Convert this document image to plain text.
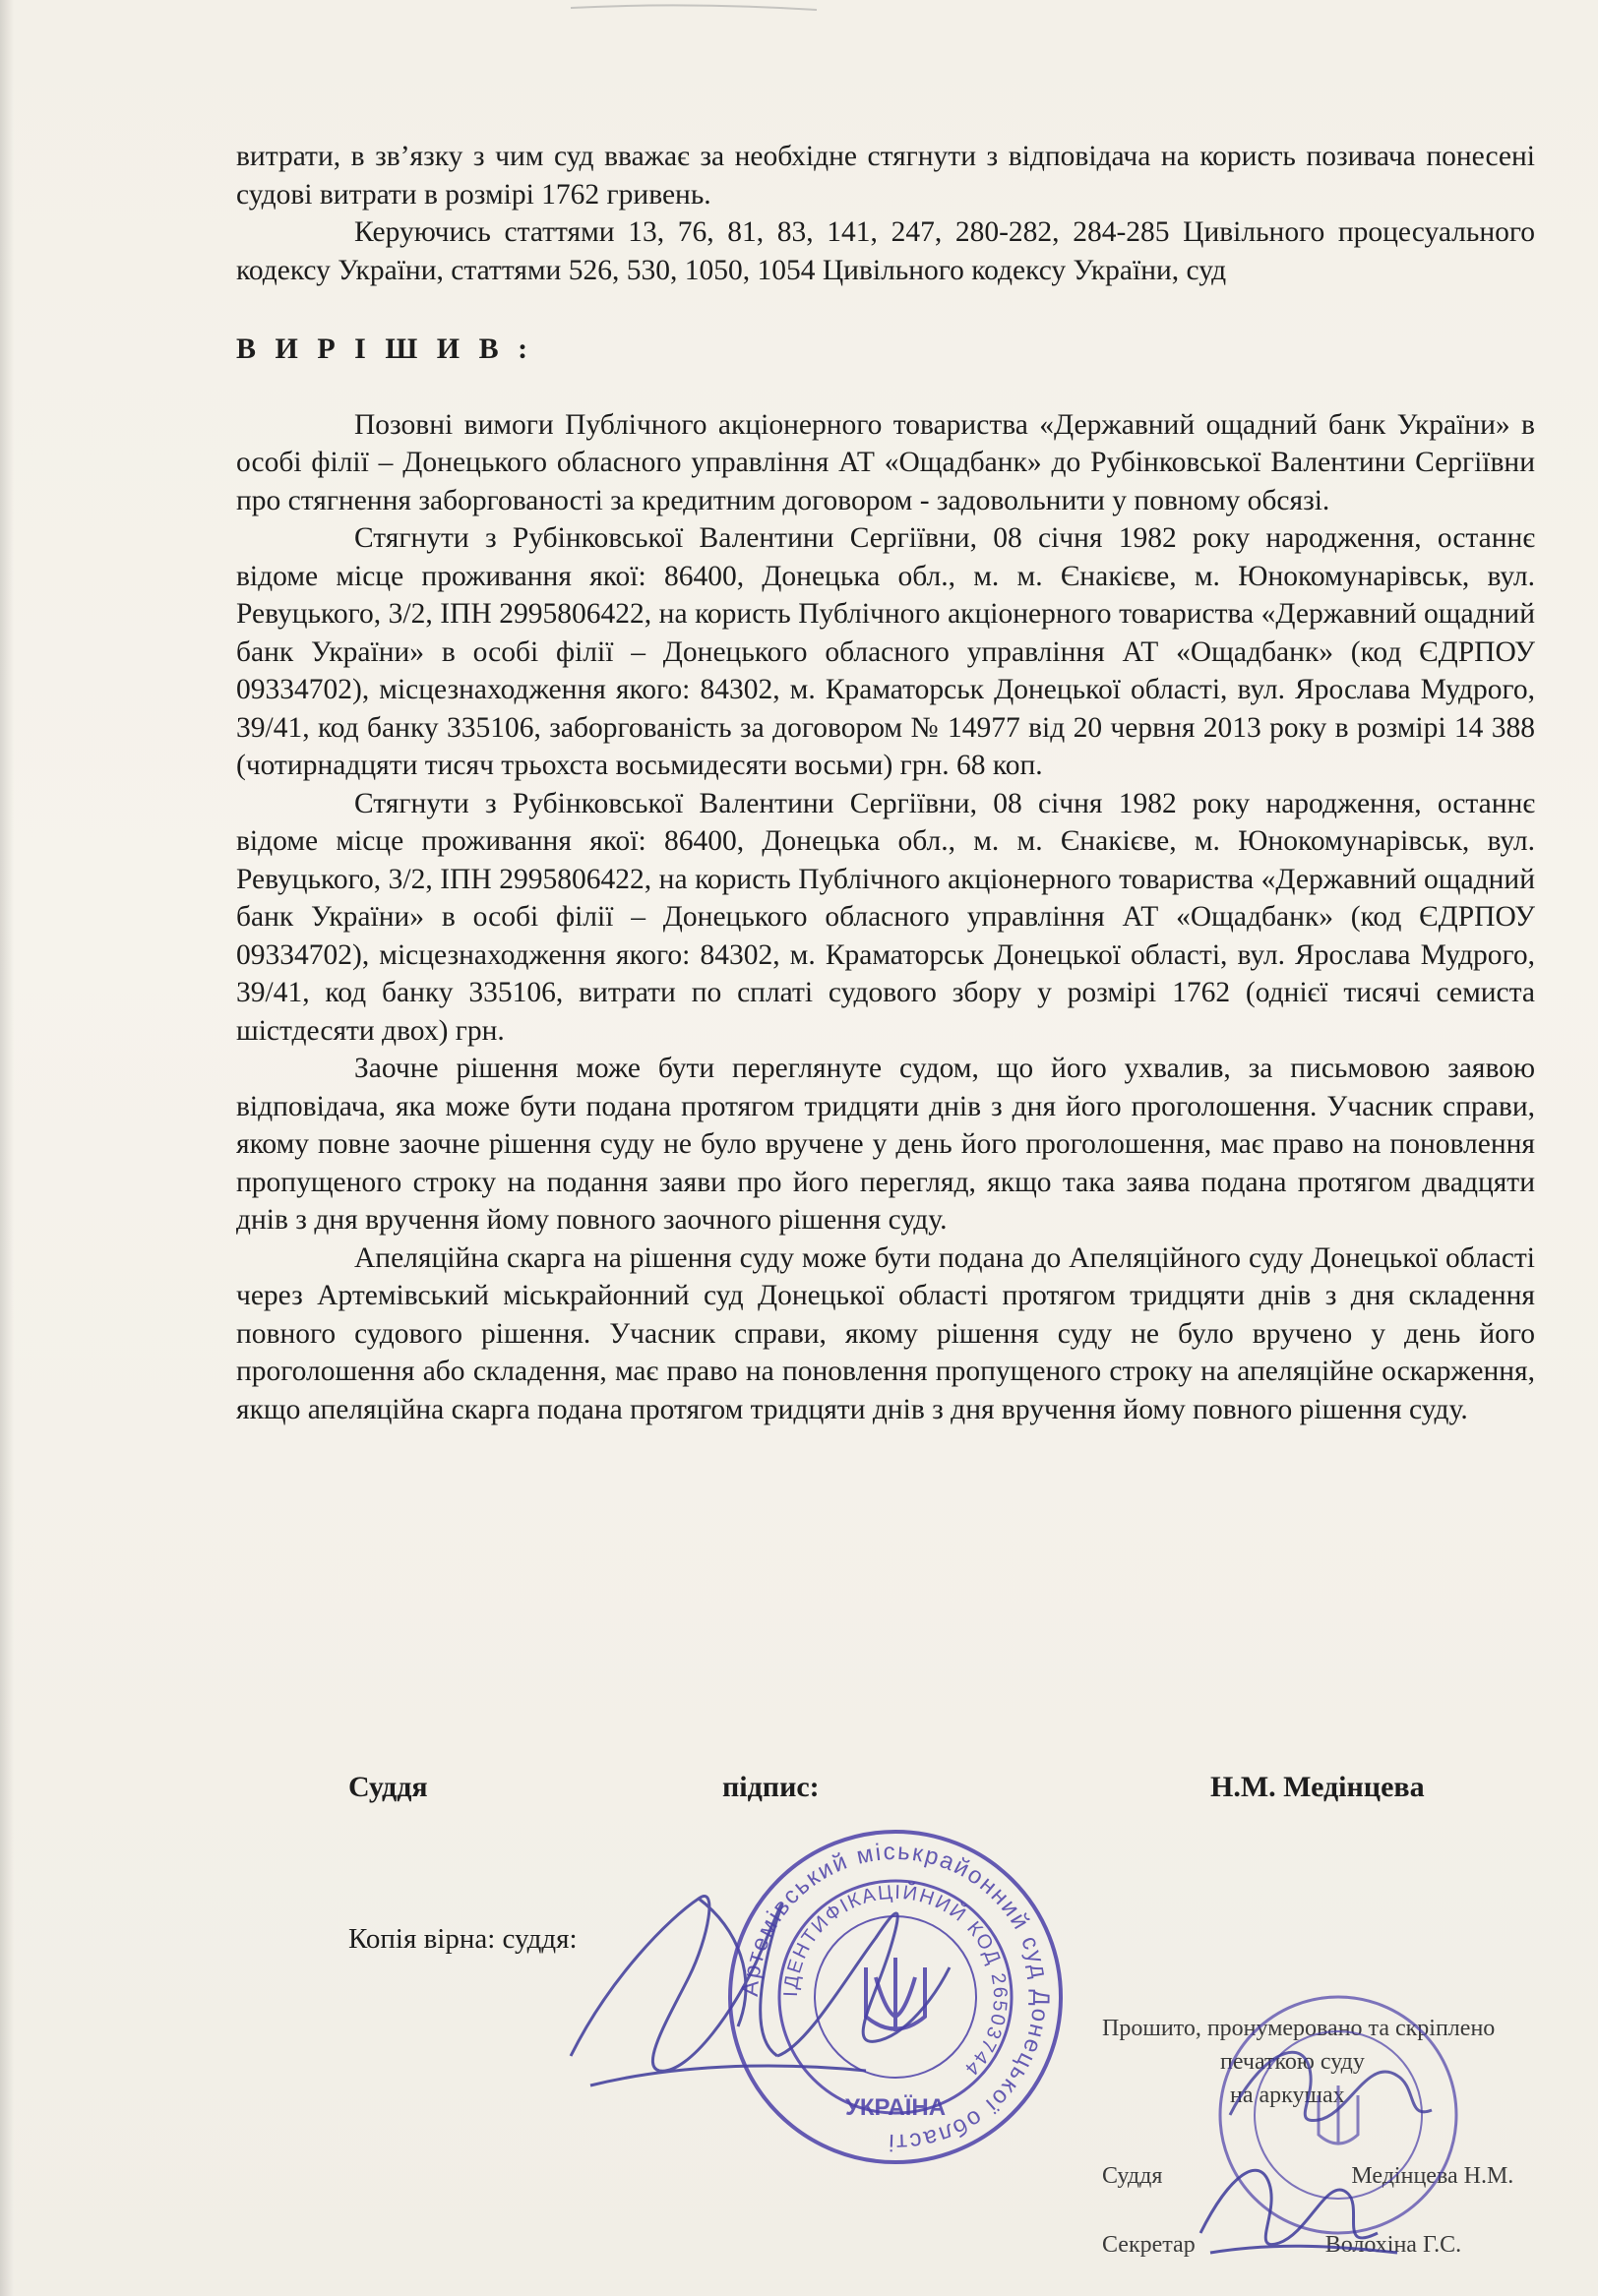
витрати, в зв’язку з чим суд вважає за необхідне стягнути з відповідача на користь позивача понесені судові витрати в розмірі 1762 гривень.

Керуючись статтями 13, 76, 81, 83, 141, 247, 280-282, 284-285 Цивільного процесуального кодексу України, статтями 526, 530, 1050, 1054 Цивільного кодексу України, суд

В И Р І Ш И В :

Позовні вимоги Публічного акціонерного товариства «Державний ощадний банк України» в особі філії – Донецького обласного управління АТ «Ощадбанк» до Рубінковської Валентини Сергіївни про стягнення заборгованості за кредитним договором - задовольнити у повному обсязі.

Стягнути з Рубінковської Валентини Сергіївни, 08 січня 1982 року народження, останнє відоме місце проживання якої: 86400, Донецька обл., м. м. Єнакієве, м. Юнокомунарівськ, вул. Ревуцького, 3/2, ІПН 2995806422, на користь Публічного акціонерного товариства «Державний ощадний банк України» в особі філії – Донецького обласного управління АТ «Ощадбанк» (код ЄДРПОУ 09334702), місцезнаходження якого: 84302, м. Краматорськ Донецької області, вул. Ярослава Мудрого, 39/41, код банку 335106, заборгованість за договором № 14977 від 20 червня 2013 року в розмірі 14 388 (чотирнадцяти тисяч трьохста восьмидесяти восьми) грн. 68 коп.

Стягнути з Рубінковської Валентини Сергіївни, 08 січня 1982 року народження, останнє відоме місце проживання якої: 86400, Донецька обл., м. м. Єнакієве, м. Юнокомунарівськ, вул. Ревуцького, 3/2, ІПН 2995806422, на користь Публічного акціонерного товариства «Державний ощадний банк України» в особі філії – Донецького обласного управління АТ «Ощадбанк» (код ЄДРПОУ 09334702), місцезнаходження якого: 84302, м. Краматорськ Донецької області, вул. Ярослава Мудрого, 39/41, код банку 335106, витрати по сплаті судового збору у розмірі 1762 (однієї тисячі семиста шістдесяти двох) грн.

Заочне рішення може бути переглянуте судом, що його ухвалив, за письмовою заявою відповідача, яка може бути подана протягом тридцяти днів з дня його проголошення. Учасник справи, якому повне заочне рішення суду не було вручене у день його проголошення, має право на поновлення пропущеного строку на подання заяви про його перегляд, якщо така заява подана протягом двадцяти днів з дня вручення йому повного заочного рішення суду.

Апеляційна скарга на рішення суду може бути подана до Апеляційного суду Донецької області через Артемівський міськрайонний суд Донецької області протягом тридцяти днів з дня складення повного судового рішення. Учасник справи, якому рішення суду не було вручено у день його проголошення або складення, має право на поновлення пропущеного строку на апеляційне оскарження, якщо апеляційна скарга подана протягом тридцяти днів з дня вручення йому повного рішення суду.

Суддя	підпис:	Н.М. Медінцева
Копія вірна: суддя:
Артемівський міськрайонний суд Донецької області
ІДЕНТИФІКАЦІЙНИЙ КОД 26503744
УКРАЇНА
Прошито, пронумеровано та скріплено
печаткою суду
на аркушах
Суддя	Медінцева Н.М.
Секретар	Волохіна Г.С.
